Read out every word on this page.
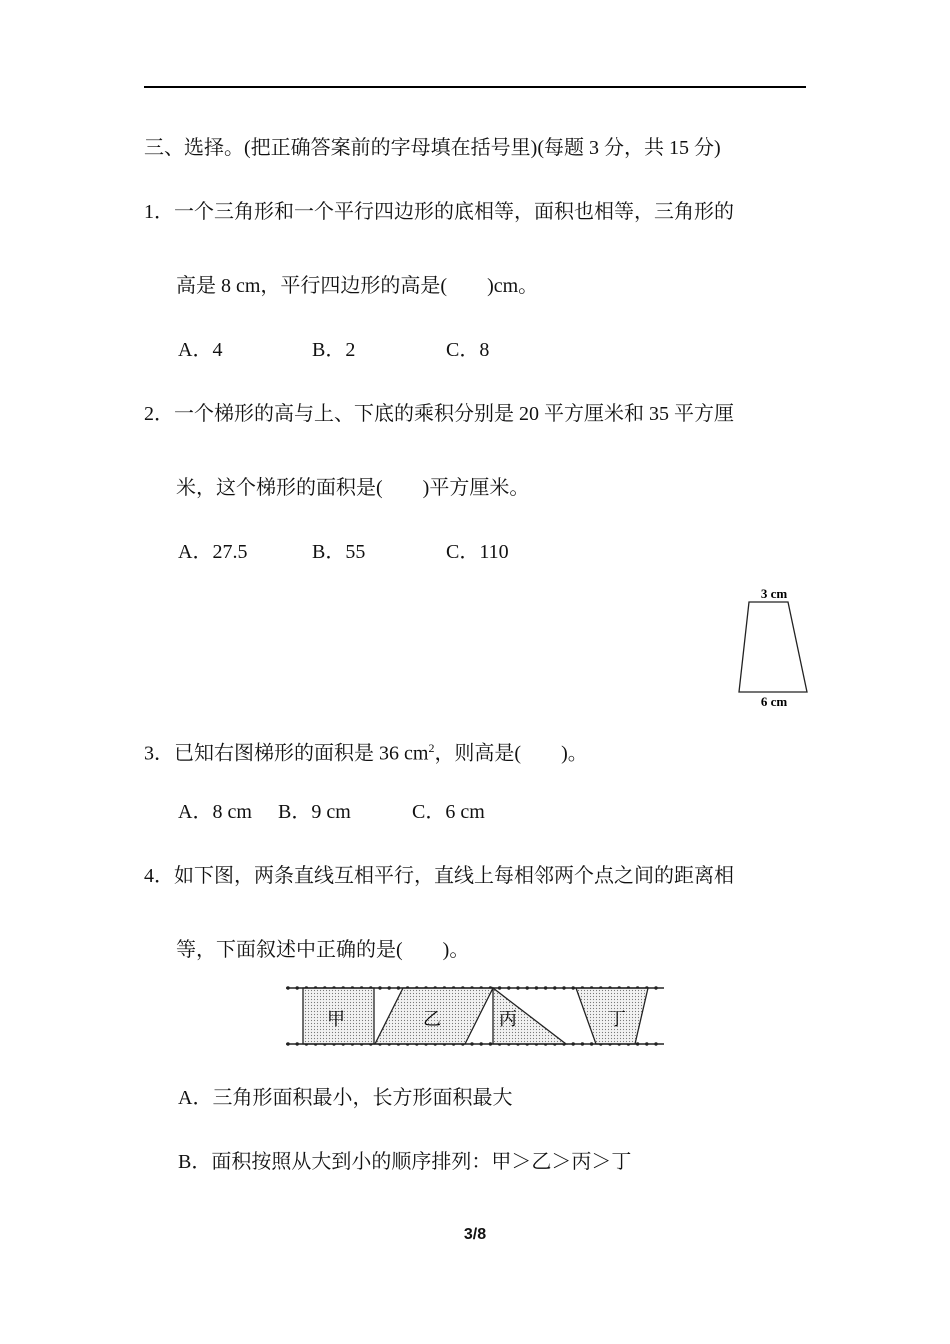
三、选择。(把正确答案前的字母填在括号里)(每题 3 分，共 15 分)
1．一个三角形和一个平行四边形的底相等，面积也相等，三角形的
高是 8 cm，平行四边形的高是(　　)cm。
A．4	B．2	C．8
2．一个梯形的高与上、下底的乘积分别是 20 平方厘米和 35 平方厘
米，这个梯形的面积是(　　)平方厘米。
A．27.5	B．55	C．110
3 cm
6 cm
3．已知右图梯形的面积是 36 $cm^2$，则高是(　　)。
A．8 cm B．9 cm	C．6 cm
4．如下图，两条直线互相平行，直线上每相邻两个点之间的距离相
等，下面叙述中正确的是(　　)。
甲	乙	丙	丁
A．三角形面积最小，长方形面积最大
B．面积按照从大到小的顺序排列：甲＞乙＞丙＞丁
3/8
